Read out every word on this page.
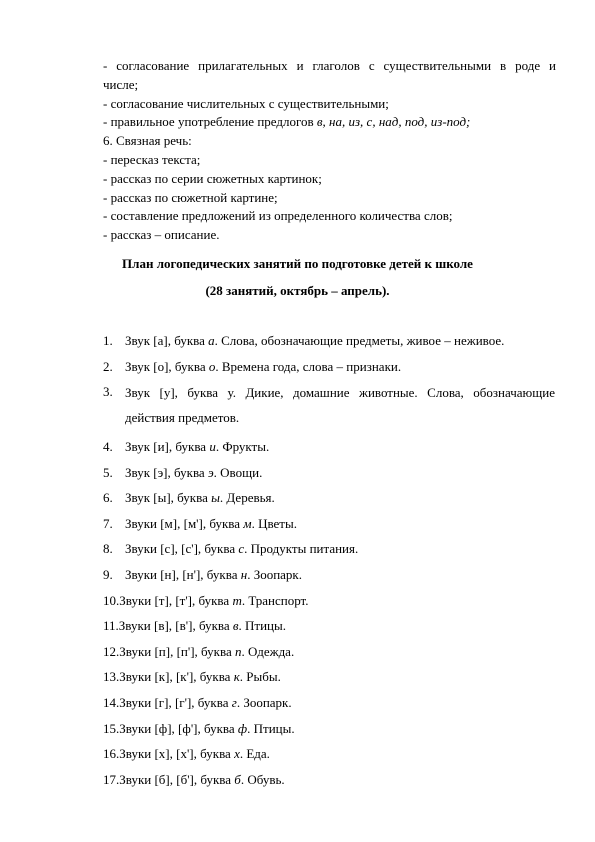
- согласование прилагательных и глаголов с существительными в роде и

числе;

- согласование числительных с существительными;

- правильное употребление предлогов в, на, из, с, над, под, из-под;

6. Связная речь:

- пересказ текста;

- рассказ по серии сюжетных картинок;

- рассказ по сюжетной картине;

- составление предложений из определенного количества слов;

- рассказ – описание.

План логопедических занятий по подготовке детей к школе
(28 занятий, октябрь – апрель).
1. Звук [а], буква а. Слова, обозначающие предметы, живое – неживое.
2. Звук [о], буква о. Времена года, слова – признаки.
3. Звук [у], буква у. Дикие, домашние животные. Слова, обозначающие
действия предметов.
4. Звук [и], буква и. Фрукты.
5. Звук [э], буква э. Овощи.
6. Звук [ы], буква ы. Деревья.
7. Звуки [м], [м'], буква м. Цветы.
8. Звуки [с], [с'], буква с. Продукты питания.
9. Звуки [н], [н'], буква н. Зоопарк.
10. Звуки [т], [т'], буква т. Транспорт.
11. Звуки [в], [в'], буква в. Птицы.
12. Звуки [п], [п'], буква п. Одежда.
13. Звуки [к], [к'], буква к. Рыбы.
14. Звуки [г], [г'], буква г. Зоопарк.
15. Звуки [ф], [ф'], буква ф. Птицы.
16. Звуки [х], [х'], буква х. Еда.
17. Звуки [б], [б'], буква б. Обувь.
